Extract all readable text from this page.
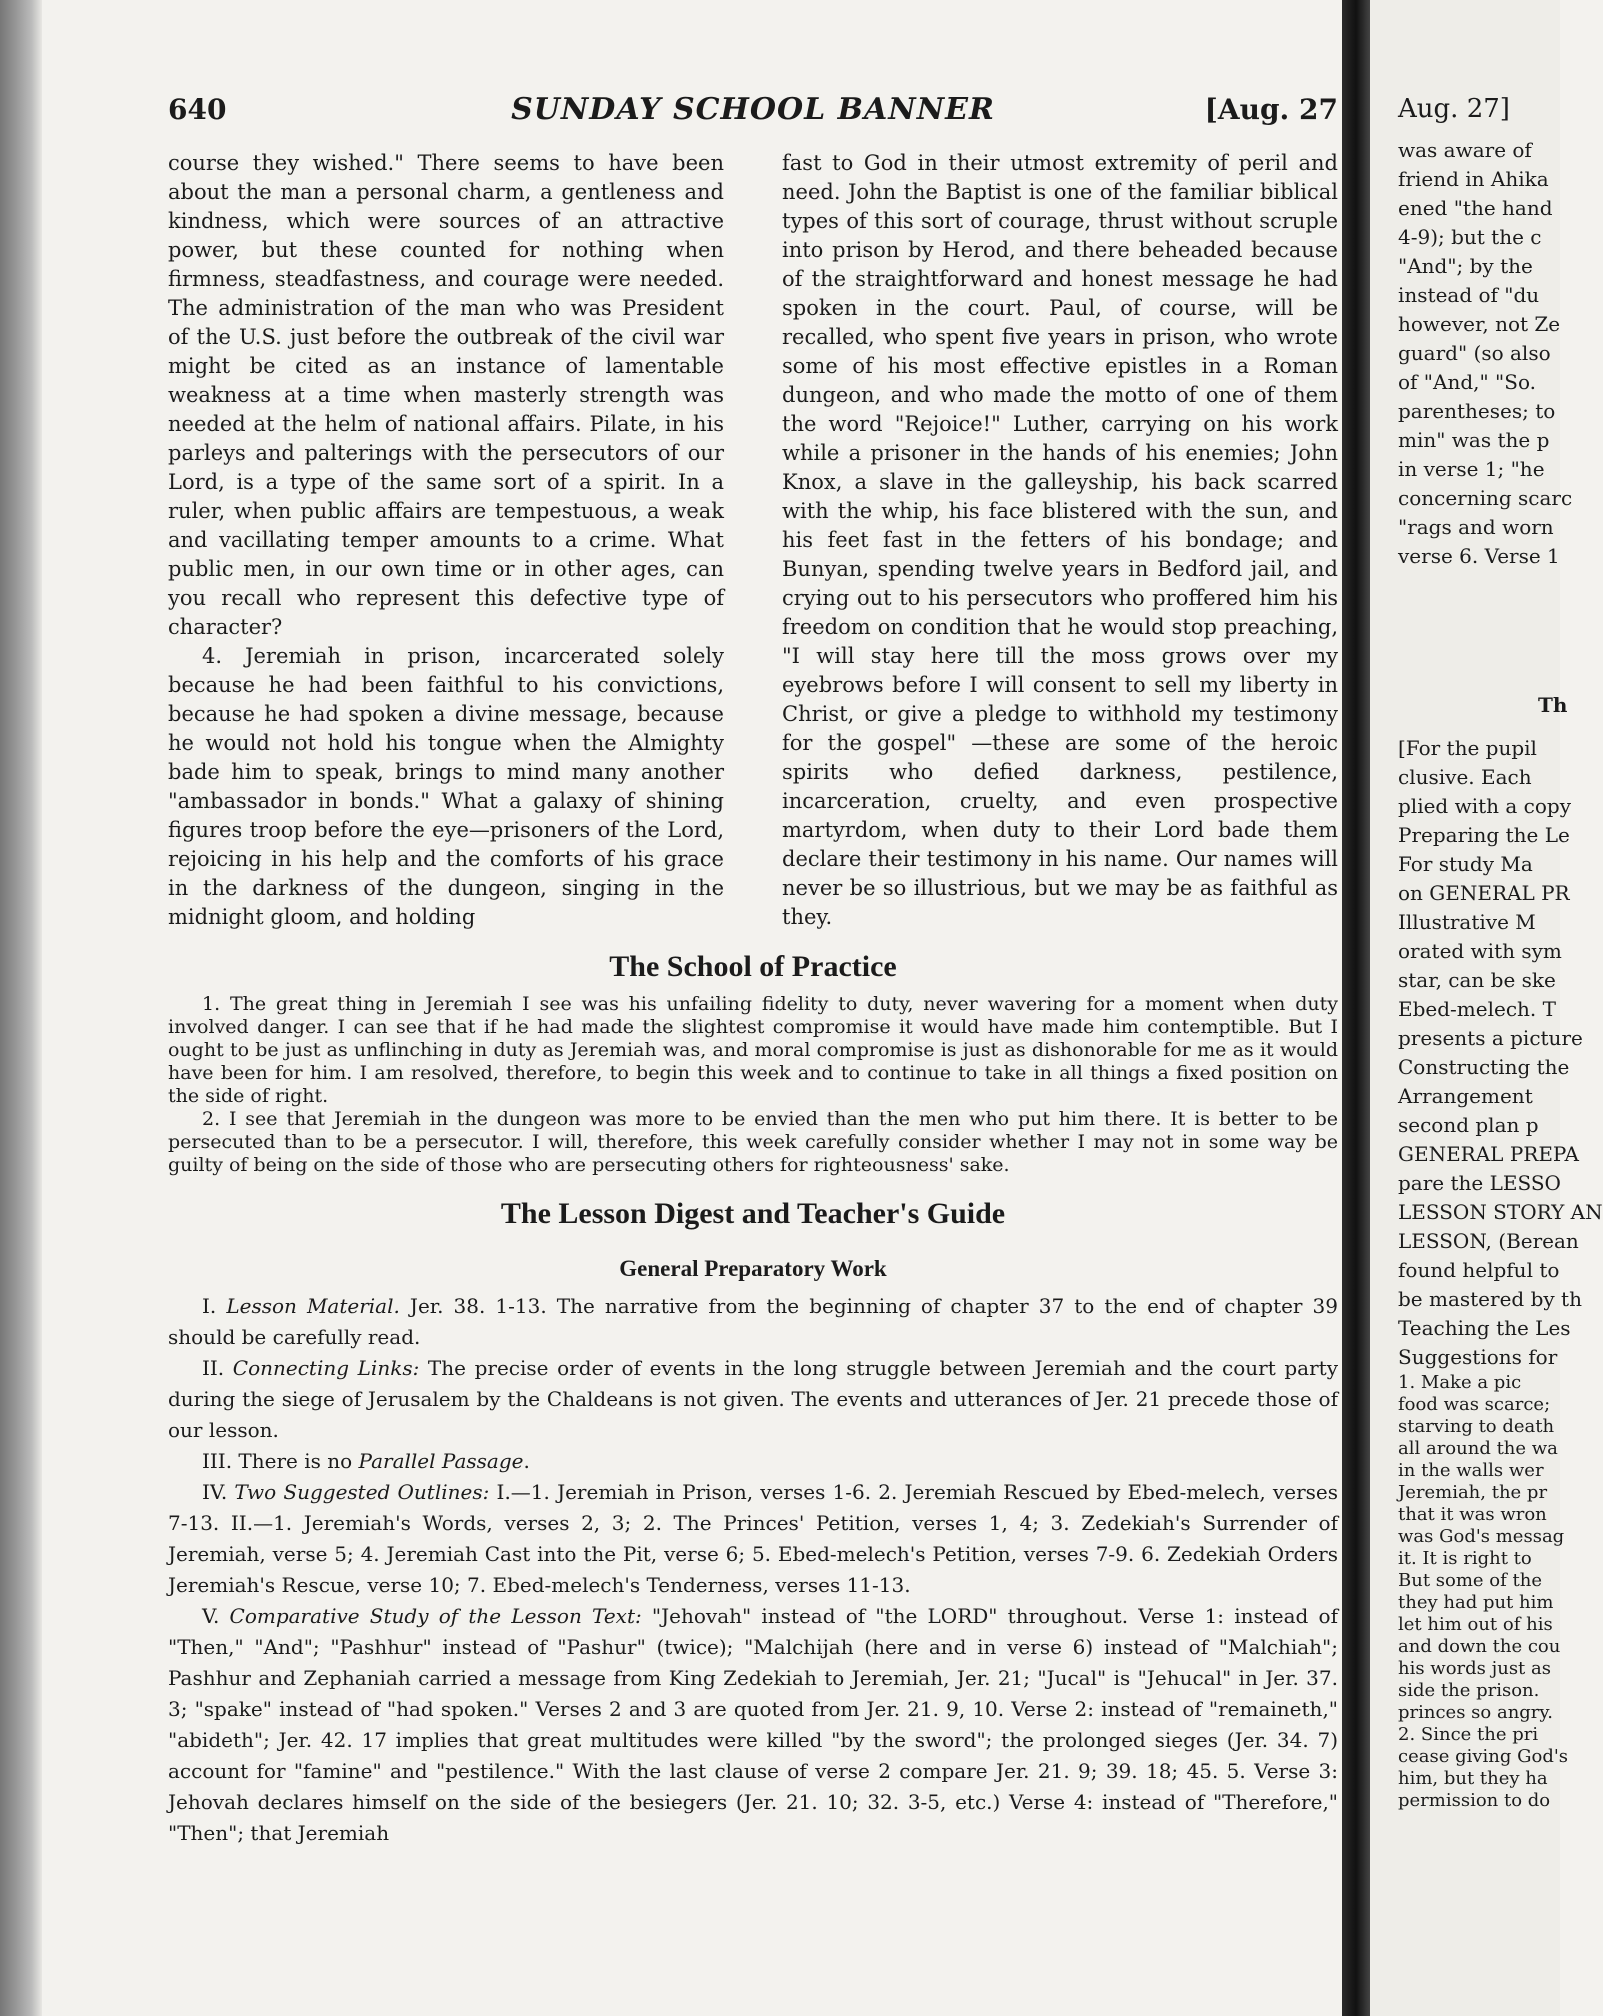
640	SUNDAY SCHOOL BANNER	[Aug. 27

course they wished." There seems to have been about the man a personal charm, a gentleness and kindness, which were sources of an attractive power, but these counted for nothing when firmness, steadfastness, and courage were needed. The administration of the man who was President of the U.S. just before the outbreak of the civil war might be cited as an instance of lamentable weakness at a time when masterly strength was needed at the helm of national affairs. Pilate, in his parleys and palterings with the persecutors of our Lord, is a type of the same sort of a spirit. In a ruler, when public affairs are tempestuous, a weak and vacillating temper amounts to a crime. What public men, in our own time or in other ages, can you recall who represent this defective type of character?

4. Jeremiah in prison, incarcerated solely because he had been faithful to his convictions, because he had spoken a divine message, because he would not hold his tongue when the Almighty bade him to speak, brings to mind many another "ambassador in bonds." What a galaxy of shining figures troop before the eye—prisoners of the Lord, rejoicing in his help and the comforts of his grace in the darkness of the dungeon, singing in the midnight gloom, and holding

fast to God in their utmost extremity of peril and need. John the Baptist is one of the familiar biblical types of this sort of courage, thrust without scruple into prison by Herod, and there beheaded because of the straightforward and honest message he had spoken in the court. Paul, of course, will be recalled, who spent five years in prison, who wrote some of his most effective epistles in a Roman dungeon, and who made the motto of one of them the word "Rejoice!" Luther, carrying on his work while a prisoner in the hands of his enemies; John Knox, a slave in the galleyship, his back scarred with the whip, his face blistered with the sun, and his feet fast in the fetters of his bondage; and Bunyan, spending twelve years in Bedford jail, and crying out to his persecutors who proffered him his freedom on condition that he would stop preaching, "I will stay here till the moss grows over my eyebrows before I will consent to sell my liberty in Christ, or give a pledge to withhold my testimony for the gospel" —these are some of the heroic spirits who defied darkness, pestilence, incarceration, cruelty, and even prospective martyrdom, when duty to their Lord bade them declare their testimony in his name. Our names will never be so illustrious, but we may be as faithful as they.

The School of Practice

1. The great thing in Jeremiah I see was his unfailing fidelity to duty, never wavering for a moment when duty involved danger. I can see that if he had made the slightest compromise it would have made him contemptible. But I ought to be just as unflinching in duty as Jeremiah was, and moral compromise is just as dishonorable for me as it would have been for him. I am resolved, therefore, to begin this week and to continue to take in all things a fixed position on the side of right.

2. I see that Jeremiah in the dungeon was more to be envied than the men who put him there. It is better to be persecuted than to be a persecutor. I will, therefore, this week carefully consider whether I may not in some way be guilty of being on the side of those who are persecuting others for righteousness' sake.

The Lesson Digest and Teacher's Guide
General Preparatory Work

I. Lesson Material. Jer. 38. 1-13. The narrative from the beginning of chapter 37 to the end of chapter 39 should be carefully read.

II. Connecting Links: The precise order of events in the long struggle between Jeremiah and the court party during the siege of Jerusalem by the Chaldeans is not given. The events and utterances of Jer. 21 precede those of our lesson.

III. There is no Parallel Passage.

IV. Two Suggested Outlines: I.—1. Jeremiah in Prison, verses 1-6. 2. Jeremiah Rescued by Ebed-melech, verses 7-13. II.—1. Jeremiah's Words, verses 2, 3; 2. The Princes' Petition, verses 1, 4; 3. Zedekiah's Surrender of Jeremiah, verse 5; 4. Jeremiah Cast into the Pit, verse 6; 5. Ebed-melech's Petition, verses 7-9. 6. Zedekiah Orders Jeremiah's Rescue, verse 10; 7. Ebed-melech's Tenderness, verses 11-13.

V. Comparative Study of the Lesson Text: "Jehovah" instead of "the LORD" throughout. Verse 1: instead of "Then," "And"; "Pashhur" instead of "Pashur" (twice); "Malchijah (here and in verse 6) instead of "Malchiah"; Pashhur and Zephaniah carried a message from King Zedekiah to Jeremiah, Jer. 21; "Jucal" is "Jehucal" in Jer. 37. 3; "spake" instead of "had spoken." Verses 2 and 3 are quoted from Jer. 21. 9, 10. Verse 2: instead of "remaineth," "abideth"; Jer. 42. 17 implies that great multitudes were killed "by the sword"; the prolonged sieges (Jer. 34. 7) account for "famine" and "pestilence." With the last clause of verse 2 compare Jer. 21. 9; 39. 18; 45. 5. Verse 3: Jehovah declares himself on the side of the besiegers (Jer. 21. 10; 32. 3-5, etc.) Verse 4: instead of "Therefore," "Then"; that Jeremiah

Aug. 27]
was aware of
friend in Ahika
ened "the hand
4-9); but the c
"And"; by the
instead of "du
however, not Ze
guard" (so also
of "And," "So.
parentheses; to
min" was the p
in verse 1; "he
concerning scarc
"rags and worn
verse 6. Verse 1
Th
[For the pupil
clusive. Each
plied with a copy
Preparing the Le
For study Ma
on GENERAL PR
Illustrative M
orated with sym
star, can be ske
Ebed-melech. T
presents a picture
Constructing the
Arrangement
second plan p
GENERAL PREPA
pare the LESSO
LESSON STORY AN
LESSON, (Berean
found helpful to
be mastered by th
Teaching the Les
Suggestions for
1. Make a pic
food was scarce;
starving to death
all around the wa
in the walls wer
Jeremiah, the pr
that it was wron
was God's messag
it. It is right to
But some of the
they had put him
let him out of his
and down the cou
his words just as
side the prison.
princes so angry.
2. Since the pri
cease giving God's
him, but they ha
permission to do
